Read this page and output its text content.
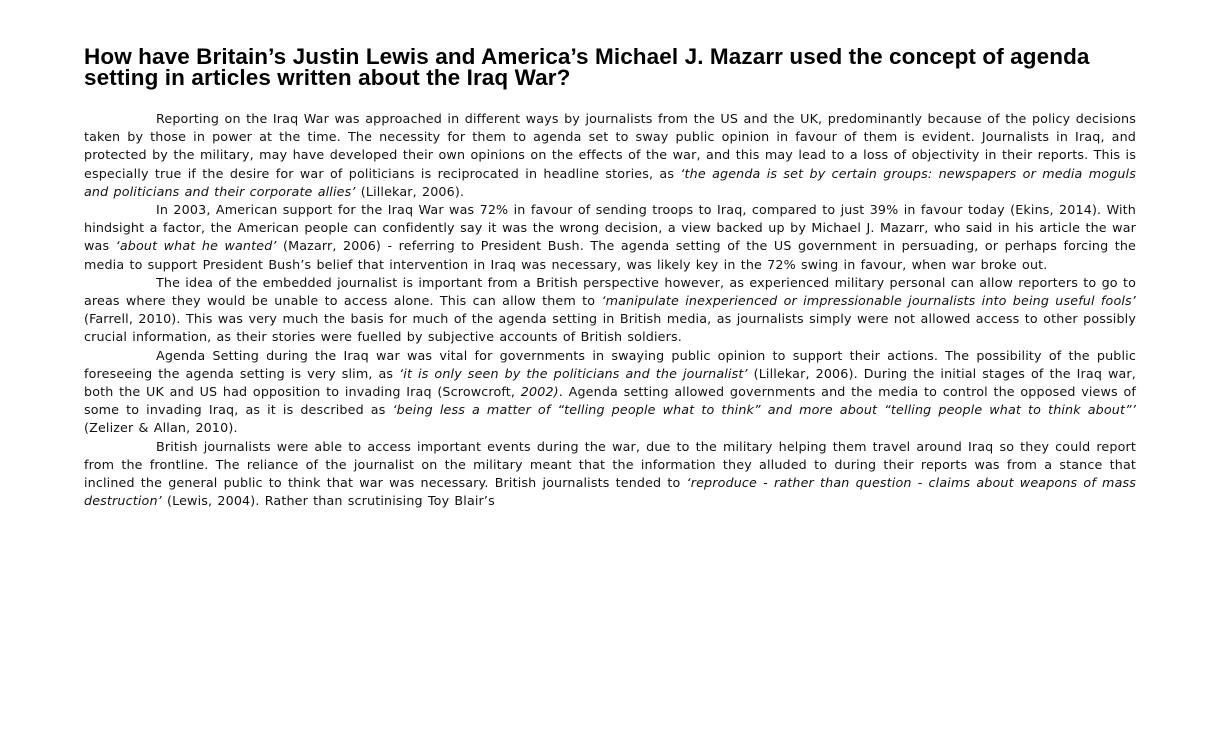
How have Britain’s Justin Lewis and America’s Michael J. Mazarr used the concept of agenda setting in articles written about the Iraq War?

Reporting on the Iraq War was approached in different ways by journalists from the US and the UK, predominantly because of the policy decisions taken by those in power at the time. The necessity for them to agenda set to sway public opinion in favour of them is evident. Journalists in Iraq, and protected by the military, may have developed their own opinions on the effects of the war, and this may lead to a loss of objectivity in their reports. This is especially true if the desire for war of politicians is reciprocated in headline stories, as ‘the agenda is set by certain groups: newspapers or media moguls and politicians and their corporate allies’ (Lillekar, 2006).

In 2003, American support for the Iraq War was 72% in favour of sending troops to Iraq, compared to just 39% in favour today (Ekins, 2014). With hindsight a factor, the American people can confidently say it was the wrong decision, a view backed up by Michael J. Mazarr, who said in his article the war was ‘about what he wanted’ (Mazarr, 2006) - referring to President Bush. The agenda setting of the US government in persuading, or perhaps forcing the media to support President Bush’s belief that intervention in Iraq was necessary, was likely key in the 72% swing in favour, when war broke out.

The idea of the embedded journalist is important from a British perspective however, as experienced military personal can allow reporters to go to areas where they would be unable to access alone. This can allow them to ‘manipulate inexperienced or impressionable journalists into being useful fools’ (Farrell, 2010). This was very much the basis for much of the agenda setting in British media, as journalists simply were not allowed access to other possibly crucial information, as their stories were fuelled by subjective accounts of British soldiers.

Agenda Setting during the Iraq war was vital for governments in swaying public opinion to support their actions. The possibility of the public foreseeing the agenda setting is very slim, as ‘it is only seen by the politicians and the journalist’ (Lillekar, 2006). During the initial stages of the Iraq war, both the UK and US had opposition to invading Iraq (Scrowcroft, 2002). Agenda setting allowed governments and the media to control the opposed views of some to invading Iraq, as it is described as ‘being less a matter of “telling people what to think” and more about “telling people what to think about”’ (Zelizer & Allan, 2010).

British journalists were able to access important events during the war, due to the military helping them travel around Iraq so they could report from the frontline. The reliance of the journalist on the military meant that the information they alluded to during their reports was from a stance that inclined the general public to think that war was necessary. British journalists tended to ‘reproduce - rather than question - claims about weapons of mass destruction’ (Lewis, 2004). Rather than scrutinising Toy Blair’s
